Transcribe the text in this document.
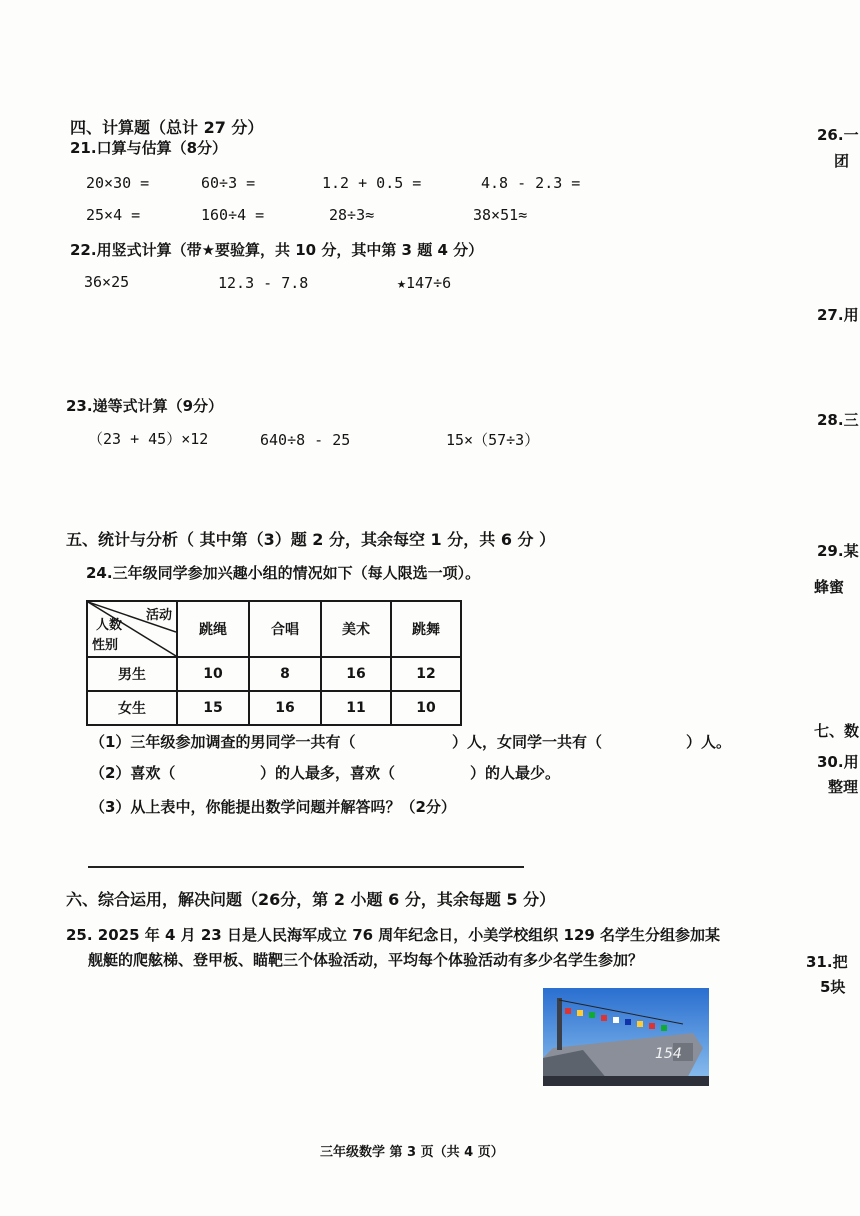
四、计算题（总计 27 分）
21.口算与估算（8分）
20×30 =	60÷3 =	1.2 + 0.5 =	4.8 - 2.3 =
25×4 =	160÷4 =	28÷3≈	38×51≈
22.用竖式计算（带★要验算，共 10 分，其中第 3 题 4 分）
36×25	12.3 - 7.8	★147÷6
23.递等式计算（9分）
（23 + 45）×12	640÷8 - 25	15×（57÷3）
五、统计与分析（ 其中第（3）题 2 分，其余每空 1 分，共 6 分 ）
24.三年级同学参加兴趣小组的情况如下（每人限选一项）。
活动
人数
性别	跳绳	合唱	美术	跳舞
男生	10	8	16	12
女生	15	16	11	10
（1）三年级参加调查的男同学一共有（	）人，女同学一共有（	）人。
（2）喜欢（	）的人最多，喜欢（	）的人最少。
（3）从上表中，你能提出数学问题并解答吗？（2分）
六、综合运用，解决问题（26分，第 2 小题 6 分，其余每题 5 分）
25. 2025 年 4 月 23 日是人民海军成立 76 周年纪念日，小美学校组织 129 名学生分组参加某
舰艇的爬舷梯、登甲板、瞄靶三个体验活动，平均每个体验活动有多少名学生参加？
154
26.一
团
27.用
28.三
29.某
蜂蜜
七、数
30.用
整理
31.把
5块
三年级数学 第 3 页（共 4 页）
